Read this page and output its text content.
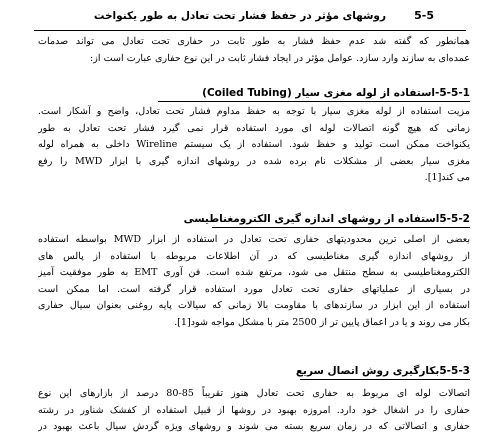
5-5
روشهای مؤثر در حفظ فشار تحت تعادل به طور یکنواخت
همانطور که گفته شد عدم حفظ فشار به طور ثابت در حفاری تحت تعادل می تواند صدمات
عمده‌ای به سازند وارد سازد. عوامل مؤثر در ایجاد فشار ثابت در این نوع حفاری عبارت است از:
5-5-1-استفاده از لوله مغزی سیار (Coiled Tubing)
مزیت استفاده از لوله مغزی سیار با توجه به حفظ مداوم فشار تحت تعادل، واضح و آشکار است.
زمانی که هیچ گونه اتصالات لوله ای مورد استفاده قرار نمی گیرد فشار تحت تعادل به طور
یکنواخت ممکن است تولید و حفظ شود. استفاده از یک سیستم Wireline داخلی به همراه لوله
مغزی سیار بعضی از مشکلات نام برده شده در روشهای اندازه گیری با ابزار MWD را رفع
می کند[1].
5-5-2استفاده از روشهای اندازه گیری الکترومغناطیسی
بعضی از اصلی ترین محدودیتهای حفاری تحت تعادل در استفاده از ابزار MWD بواسطه استفاده
از روشهای اندازه گیری مغناطیسی که در آن اطلاعات مربوطه با استفاده از پالس های
الکترومغناطیسی به سطح منتقل می شود، مرتفع شده است. فن آوری EMT به طور موفقیت آمیز
در بسیاری از عملیاتهای حفاری تحت تعادل مورد استفاده قرار گرفته است. اما ممکن است
استفاده از این ابزار در سازندهای با مقاومت بالا زمانی که سیالات پایه روغنی بعنوان سیال حفاری
بکار می روند و یا در اعماق پایین تر از 2500 متر با مشکل مواجه شود[1].
5-5-3بکارگیری روش اتصال سریع
اتصالات لوله ای مربوط به حفاری تحت تعادل هنوز تقریباً 85-80 درصد از بازارهای این نوع
حفاری را در اشغال خود دارد. امروزه بهبود در روشها از قبیل استفاده از کفشک شناور در رشته
حفاری و اتصالاتی که در زمان سریع بسته می شوند و روشهای ویژه گردش سیال باعث بهبود در
